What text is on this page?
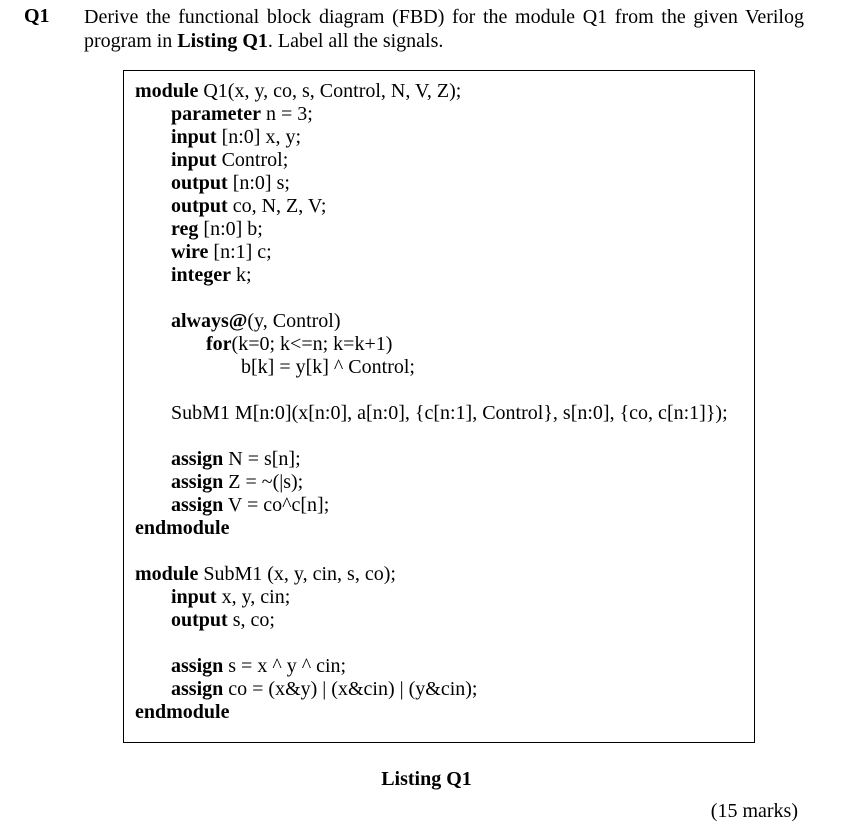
Q1 Derive the functional block diagram (FBD) for the module Q1 from the given Verilog
program in Listing Q1. Label all the signals.
module Q1(x, y, co, s, Control, N, V, Z);
parameter n = 3;
input [n:0] x, y;
input Control;
output [n:0] s;
output co, N, Z, V;
reg [n:0] b;
wire [n:1] c;
integer k;
always@(y, Control)
for(k=0; k<=n; k=k+1)
b[k] = y[k] ^ Control;
SubM1 M[n:0](x[n:0], a[n:0], {c[n:1], Control}, s[n:0], {co, c[n:1]});
assign N = s[n];
assign Z = ~(|s);
assign V = co^c[n];
endmodule
module SubM1 (x, y, cin, s, co);
input x, y, cin;
output s, co;
assign s = x ^ y ^ cin;
assign co = (x&y) | (x&cin) | (y&cin);
endmodule
Listing Q1
(15 marks)
